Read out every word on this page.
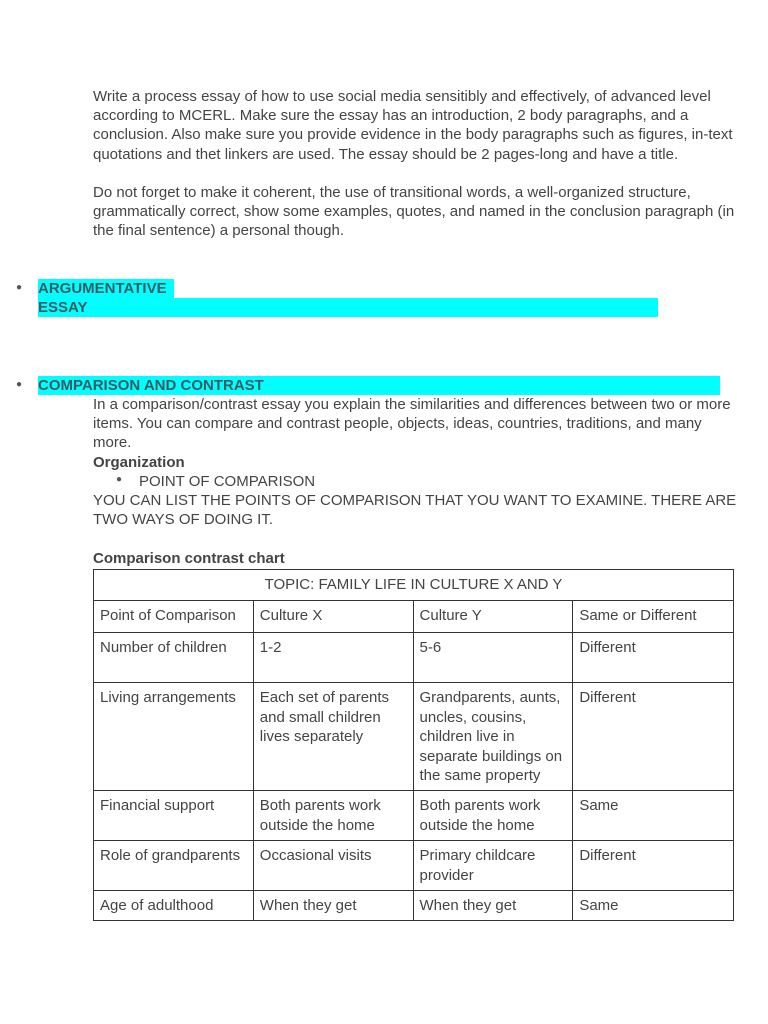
Write a process essay of how to use social media sensitibly and effectively, of advanced level according to MCERL. Make sure the essay has an introduction, 2 body paragraphs, and a conclusion. Also make sure you provide evidence in the body paragraphs such as figures, in-text quotations and thet linkers are used. The essay should be 2 pages-long and have a title.

Do not forget to make it coherent, the use of transitional words, a well-organized structure, grammatically correct, show some examples, quotes, and named in the conclusion paragraph (in the final sentence) a personal though.

● ARGUMENTATIVE
ESSAY
● COMPARISON AND CONTRAST

In a comparison/contrast essay you explain the similarities and differences between two or more items. You can compare and contrast people, objects, ideas, countries, traditions, and many more.

Organization

● POINT OF COMPARISON

YOU CAN LIST THE POINTS OF COMPARISON THAT YOU WANT TO EXAMINE. THERE ARE TWO WAYS OF DOING IT.

Comparison contrast chart

TOPIC: FAMILY LIFE IN CULTURE X AND Y			
Point of Comparison	Culture X	Culture Y	Same or Different
Number of children	1-2	5-6	Different
Living arrangements	Each set of parents and small children lives separately	Grandparents, aunts, uncles, cousins, children live in separate buildings on the same property	Different
Financial support	Both parents work outside the home	Both parents work outside the home	Same
Role of grandparents	Occasional visits	Primary childcare provider	Different
Age of adulthood	When they get	When they get	Same
